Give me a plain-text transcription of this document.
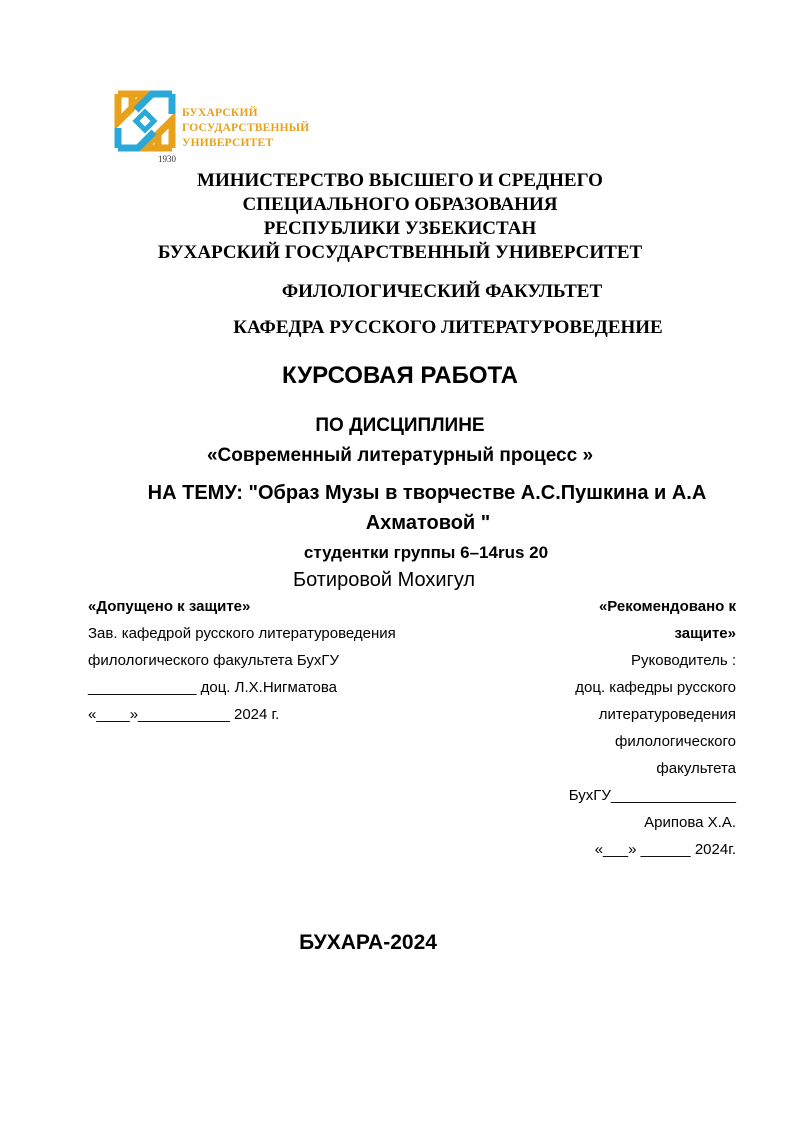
БУХАРСКИЙ
ГОСУДАРСТВЕННЫЙ
УНИВЕРСИТЕТ
1930
МИНИСТЕРСТВО ВЫСШЕГО И СРЕДНЕГО
СПЕЦИАЛЬНОГО ОБРАЗОВАНИЯ
РЕСПУБЛИКИ УЗБЕКИСТАН
БУХАРСКИЙ ГОСУДАРСТВЕННЫЙ УНИВЕРСИТЕТ
ФИЛОЛОГИЧЕСКИЙ ФАКУЛЬТЕТ
КАФЕДРА РУССКОГО ЛИТЕРАТУРОВЕДЕНИЕ
КУРСОВАЯ РАБОТА
ПО ДИСЦИПЛИНЕ
«Современный литературный процесс »
НА ТЕМУ: "Образ Музы в творчестве А.С.Пушкина и А.А
Ахматовой "
студентки группы 6–14rus 20
Ботировой Мохигул
«Допущено к защите»
Зав. кафедрой русского литературоведения
филологического факультета БухГУ
_____________ доц. Л.Х.Нигматова
«____»___________ 2024 г.
«Рекомендовано к
защите»
Руководитель :
доц. кафедры русского
литературоведения
филологического
факультета
БухГУ_______________
Арипова Х.А.
«___» ______ 2024г.
БУХАРА-2024
